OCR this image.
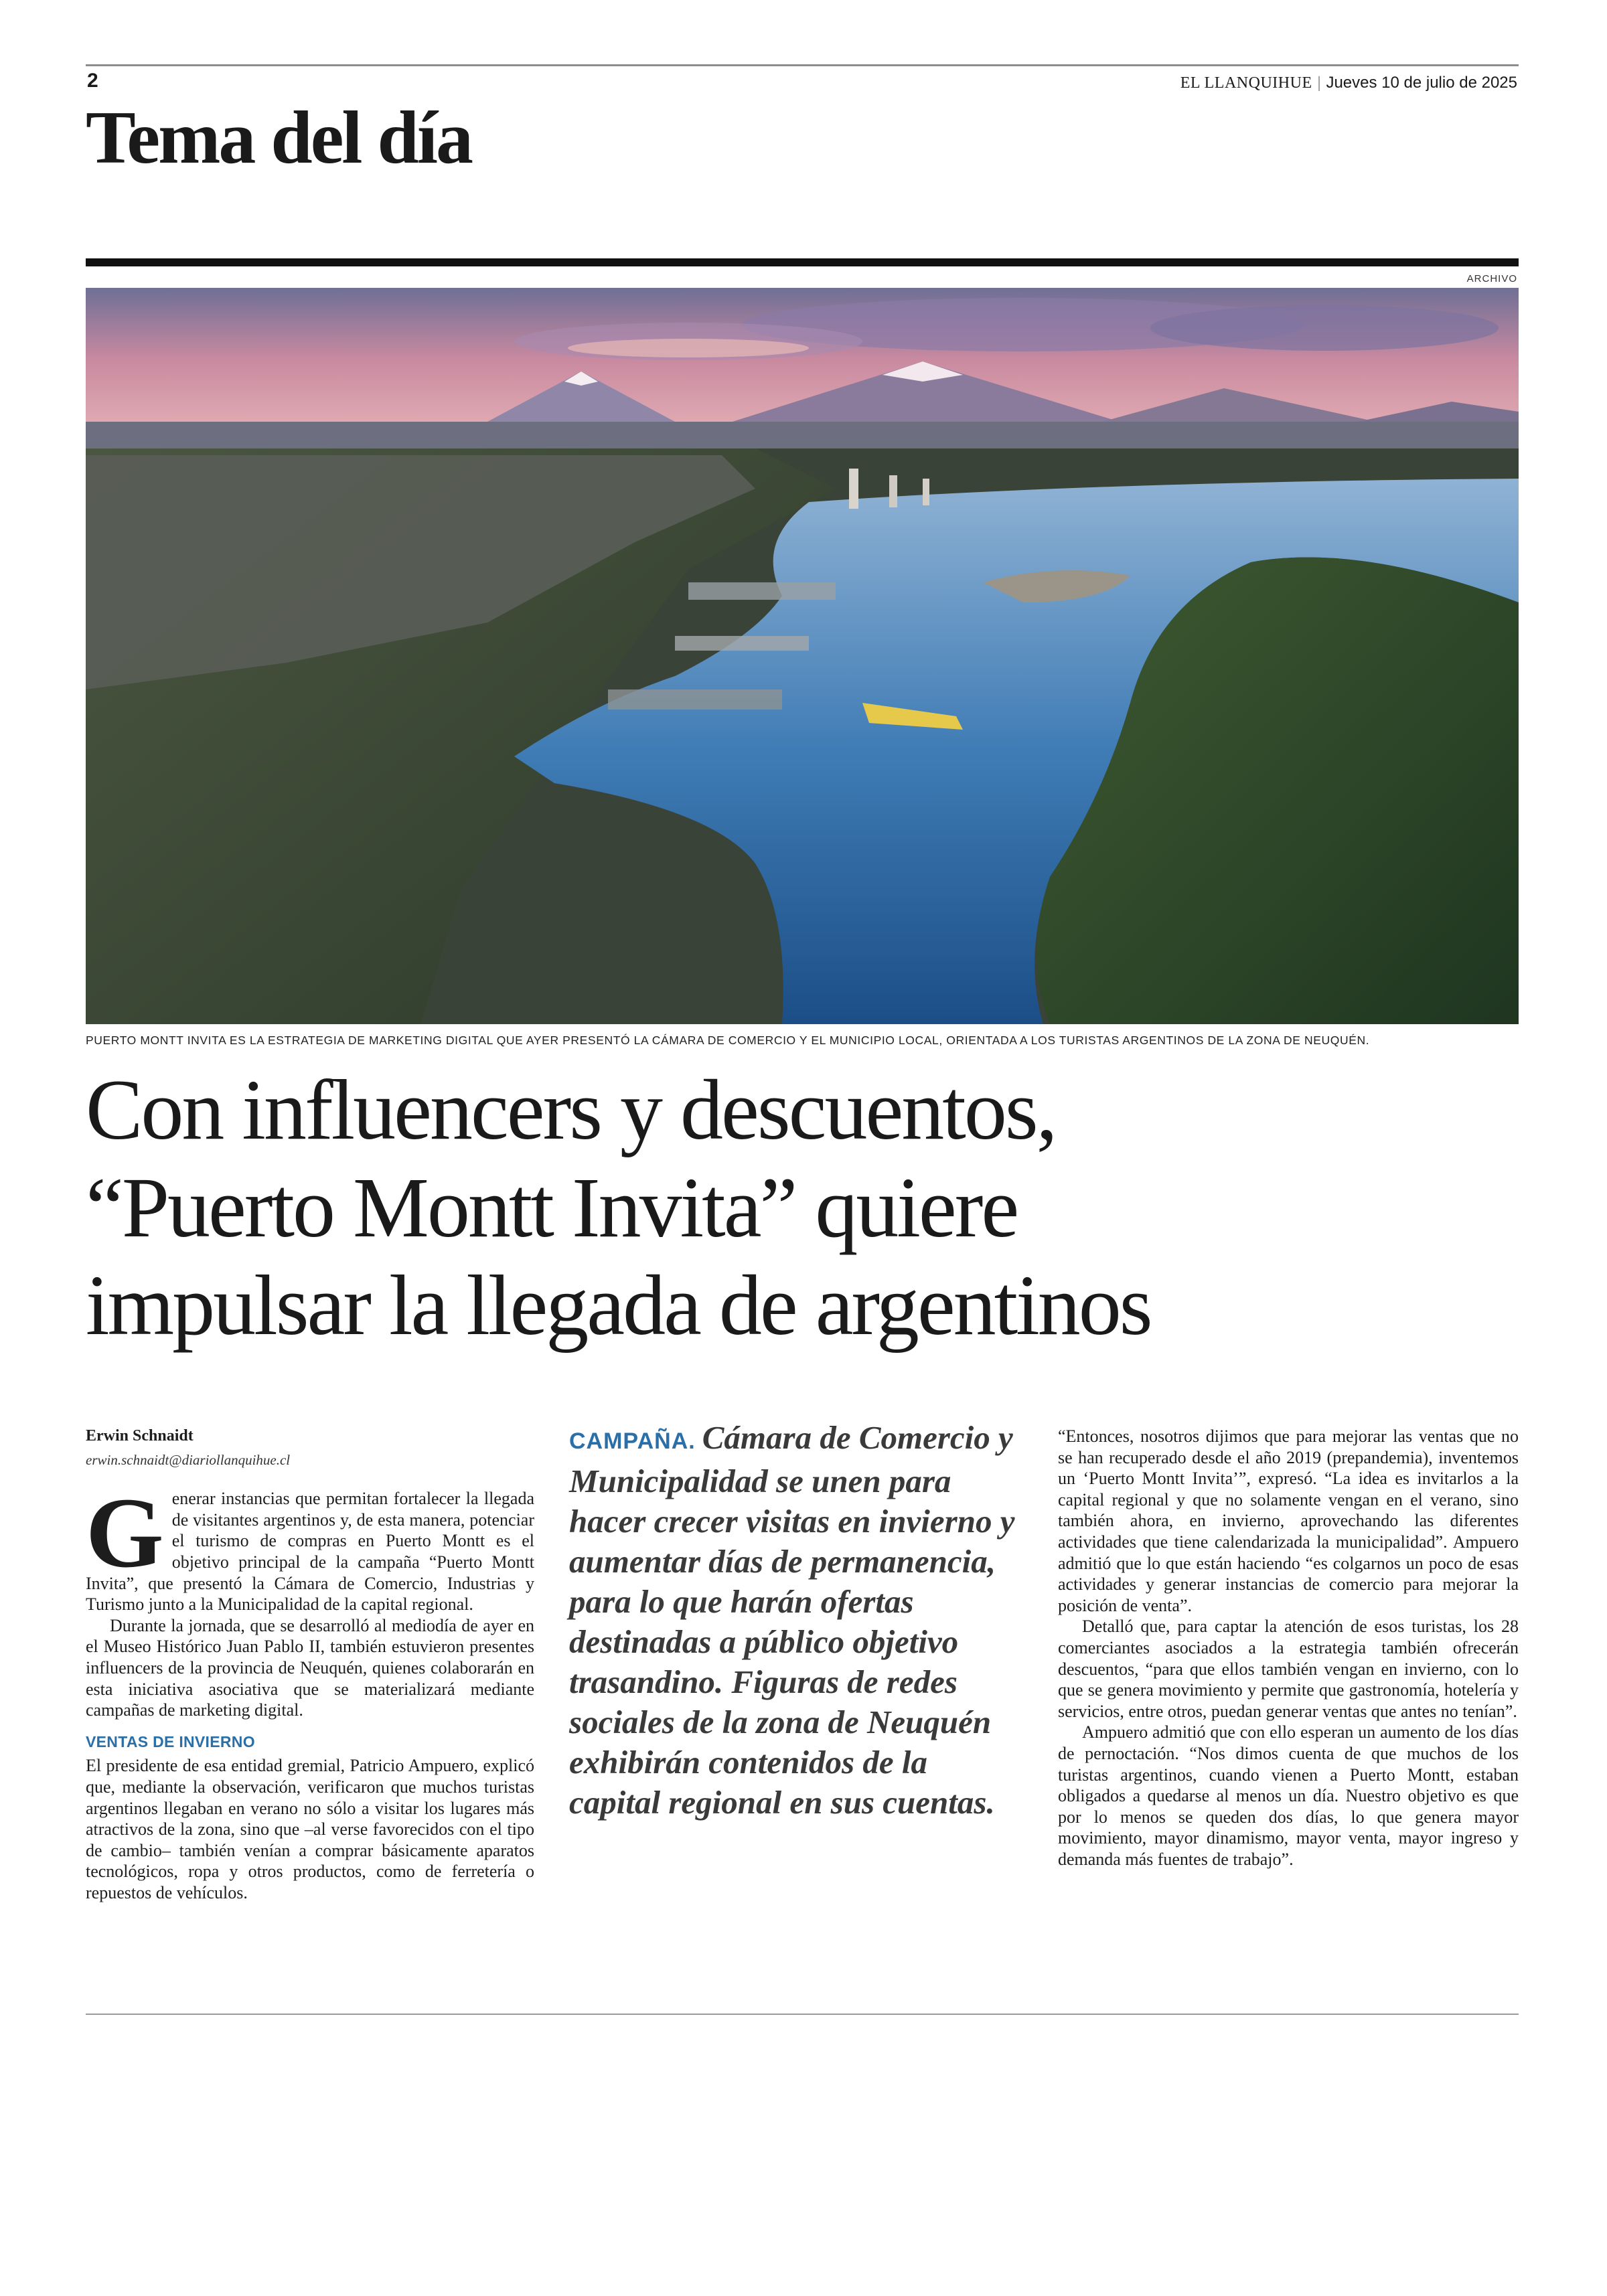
2	EL LLANQUIHUE | Jueves 10 de julio de 2025
Tema del día
ARCHIVO
PUERTO MONTT INVITA ES LA ESTRATEGIA DE MARKETING DIGITAL QUE AYER PRESENTÓ LA CÁMARA DE COMERCIO Y EL MUNICIPIO LOCAL, ORIENTADA A LOS TURISTAS ARGENTINOS DE LA ZONA DE NEUQUÉN.
Con influencers y descuentos,
“Puerto Montt Invita” quiere
impulsar la llegada de argentinos
Erwin Schnaidt
erwin.schnaidt@diariollanquihue.cl

Generar instancias que permitan fortalecer la llegada de visitantes argentinos y, de esta manera, potenciar el turismo de compras en Puerto Montt es el objetivo principal de la campaña “Puerto Montt Invita”, que presentó la Cámara de Comercio, Industrias y Turismo junto a la Municipalidad de la capital regional.

Durante la jornada, que se desarrolló al mediodía de ayer en el Museo Histórico Juan Pablo II, también estuvieron presentes influencers de la provincia de Neuquén, quienes colaborarán en esta iniciativa asociativa que se materializará mediante campañas de marketing digital.

VENTAS DE INVIERNO

El presidente de esa entidad gremial, Patricio Ampuero, explicó que, mediante la observación, verificaron que muchos turistas argentinos llegaban en verano no sólo a visitar los lugares más atractivos de la zona, sino que –al verse favorecidos con el tipo de cambio– también venían a comprar básicamente aparatos tecnológicos, ropa y otros productos, como de ferretería o repuestos de vehículos.

CAMPAÑA. Cámara de Comercio y Municipalidad se unen para hacer crecer visitas en invierno y aumentar días de permanencia, para lo que harán ofertas destinadas a público objetivo trasandino. Figuras de redes sociales de la zona de Neuquén exhibirán contenidos de la capital regional en sus cuentas.

“Entonces, nosotros dijimos que para mejorar las ventas que no se han recuperado desde el año 2019 (prepandemia), inventemos un ‘Puerto Montt Invita’”, expresó. “La idea es invitarlos a la capital regional y que no solamente vengan en el verano, sino también ahora, en invierno, aprovechando las diferentes actividades que tiene calendarizada la municipalidad”. Ampuero admitió que lo que están haciendo “es colgarnos un poco de esas actividades y generar instancias de comercio para mejorar la posición de venta”.

Detalló que, para captar la atención de esos turistas, los 28 comerciantes asociados a la estrategia también ofrecerán descuentos, “para que ellos también vengan en invierno, con lo que se genera movimiento y permite que gastronomía, hotelería y servicios, entre otros, puedan generar ventas que antes no tenían”.

Ampuero admitió que con ello esperan un aumento de los días de pernoctación. “Nos dimos cuenta de que muchos de los turistas argentinos, cuando vienen a Puerto Montt, estaban obligados a quedarse al menos un día. Nuestro objetivo es que por lo menos se queden dos días, lo que genera mayor movimiento, mayor dinamismo, mayor venta, mayor ingreso y demanda más fuentes de trabajo”.
